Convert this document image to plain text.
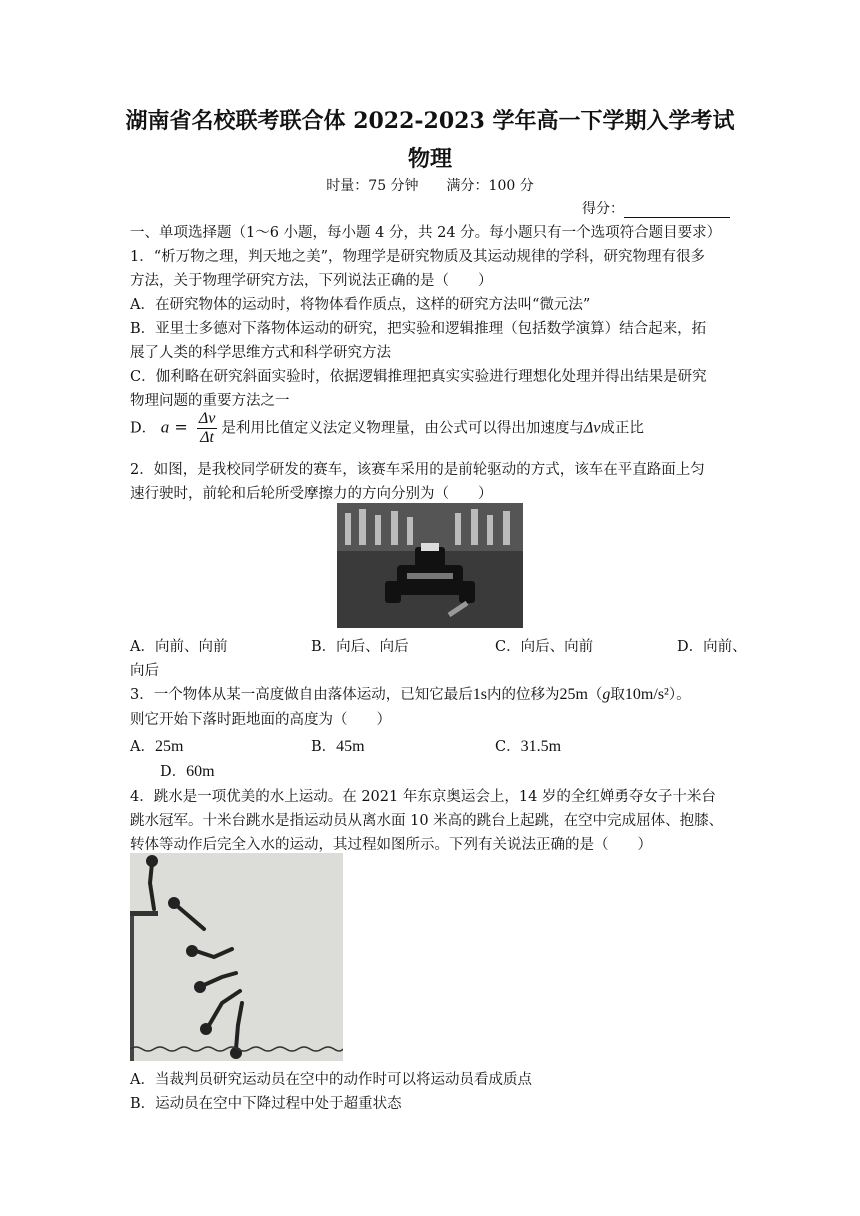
湖南省名校联考联合体 2022-2023 学年高一下学期入学考试
物理
时量：75 分钟　　满分：100 分
得分：
一、单项选择题（1～6 小题，每小题 4 分，共 24 分。每小题只有一个选项符合题目要求）
1．“析万物之理，判天地之美”，物理学是研究物质及其运动规律的学科，研究物理有很多
方法，关于物理学研究方法，下列说法正确的是（　　）
A．在研究物体的运动时，将物体看作质点，这样的研究方法叫“微元法”
B．亚里士多德对下落物体运动的研究，把实验和逻辑推理（包括数学演算）结合起来，拓
展了人类的科学思维方式和科学研究方法
C．伽利略在研究斜面实验时，依据逻辑推理把真实实验进行理想化处理并得出结果是研究
物理问题的重要方法之一
D． $a = \frac{\Delta v}{\Delta t}$ 是利用比值定义法定义物理量，由公式可以得出加速度与Δv成正比
2．如图，是我校同学研发的赛车，该赛车采用的是前轮驱动的方式，该车在平直路面上匀
速行驶时，前轮和后轮所受摩擦力的方向分别为（　　）
A．向前、向前	B．向后、向后	C．向后、向前	D．向前、
向后
3．一个物体从某一高度做自由落体运动，已知它最后1s内的位移为25m（g取10m/s²）。
则它开始下落时距地面的高度为（　　）
A．25m	B．45m	C．31.5m
D．60m
4．跳水是一项优美的水上运动。在 2021 年东京奥运会上，14 岁的全红婵勇夺女子十米台
跳水冠军。十米台跳水是指运动员从离水面 10 米高的跳台上起跳，在空中完成屈体、抱膝、
转体等动作后完全入水的运动，其过程如图所示。下列有关说法正确的是（　　）
A．当裁判员研究运动员在空中的动作时可以将运动员看成质点
B．运动员在空中下降过程中处于超重状态
